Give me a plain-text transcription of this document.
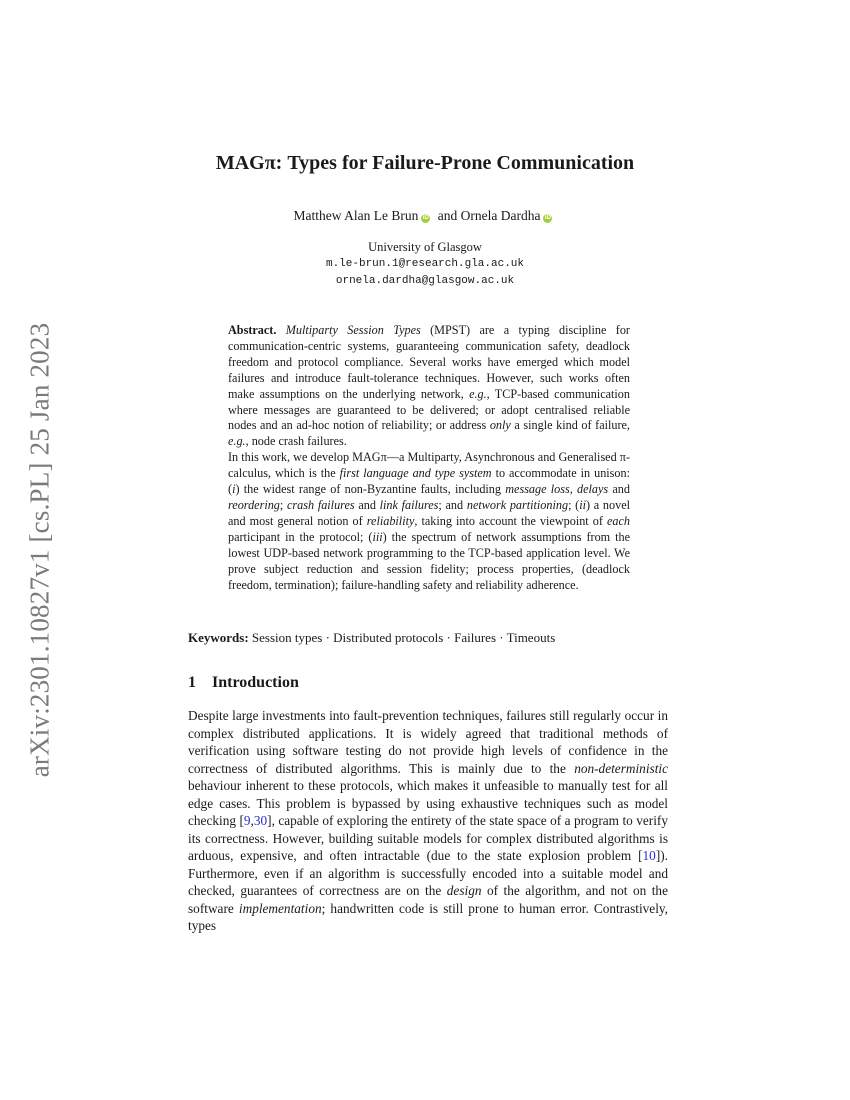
arXiv:2301.10827v1 [cs.PL] 25 Jan 2023
MAGπ: Types for Failure-Prone Communication
Matthew Alan Le Brun iD and Ornela Dardha iD
University of Glasgow
m.le-brun.1@research.gla.ac.uk
ornela.dardha@glasgow.ac.uk
Abstract. Multiparty Session Types (MPST) are a typing discipline for communication-centric systems, guaranteeing communication safety, deadlock freedom and protocol compliance. Several works have emerged which model failures and introduce fault-tolerance techniques. However, such works often make assumptions on the underlying network, e.g., TCP-based communication where messages are guaranteed to be delivered; or adopt centralised reliable nodes and an ad-hoc notion of reliability; or address only a single kind of failure, e.g., node crash failures.
In this work, we develop MAGπ—a Multiparty, Asynchronous and Generalised π-calculus, which is the first language and type system to accommodate in unison: (i) the widest range of non-Byzantine faults, including message loss, delays and reordering; crash failures and link failures; and network partitioning; (ii) a novel and most general notion of reliability, taking into account the viewpoint of each participant in the protocol; (iii) the spectrum of network assumptions from the lowest UDP-based network programming to the TCP-based application level. We prove subject reduction and session fidelity; process properties, (deadlock freedom, termination); failure-handling safety and reliability adherence.
Keywords: Session types · Distributed protocols · Failures · Timeouts
1 Introduction
Despite large investments into fault-prevention techniques, failures still regularly occur in complex distributed applications. It is widely agreed that traditional methods of verification using software testing do not provide high levels of confidence in the correctness of distributed algorithms. This is mainly due to the non-deterministic behaviour inherent to these protocols, which makes it unfeasible to manually test for all edge cases. This problem is bypassed by using exhaustive techniques such as model checking [9,30], capable of exploring the entirety of the state space of a program to verify its correctness. However, building suitable models for complex distributed algorithms is arduous, expensive, and often intractable (due to the state explosion problem [10]). Furthermore, even if an algorithm is successfully encoded into a suitable model and checked, guarantees of correctness are on the design of the algorithm, and not on the software implementation; handwritten code is still prone to human error. Contrastively, types
